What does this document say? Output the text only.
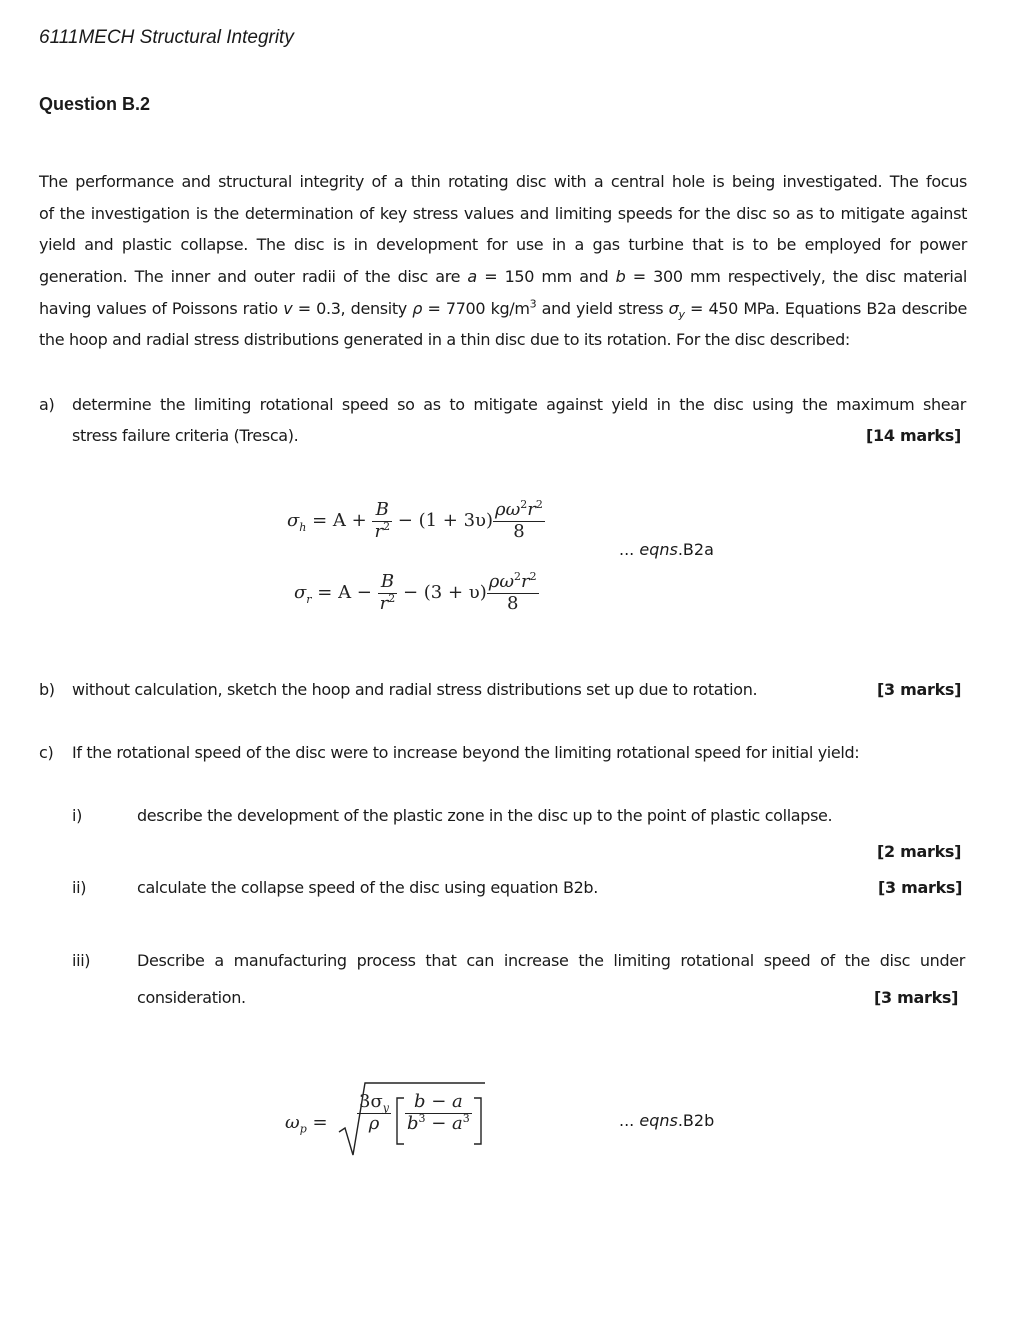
6111MECH Structural Integrity
Question B.2
The performance and structural integrity of a thin rotating disc with a central hole is being investigated. The focus
of the investigation is the determination of key stress values and limiting speeds for the disc so as to mitigate against
yield and plastic collapse. The disc is in development for use in a gas turbine that is to be employed for power
generation. The inner and outer radii of the disc are a = 150 mm and b = 300 mm respectively, the disc material
having values of Poissons ratio v = 0.3, density ρ = 7700 $kg/m^3$ and yield stress $\sigma_y = 450$ MPa. Equations B2a describe
the hoop and radial stress distributions generated in a thin disc due to its rotation. For the disc described:
a) determine the limiting rotational speed so as to mitigate against yield in the disc using the maximum shear
stress failure criteria (Tresca).	[14 marks]
$\sigma_h = A + \frac{B}{r^2} - (1 + 3\upsilon) \frac{\rho\omega^2r^2}{8}$
... eqns.B2a
$\sigma_r = A - \frac{B}{r^2} - (3 + \upsilon) \frac{\rho\omega^2r^2}{8}$
b) without calculation, sketch the hoop and radial stress distributions set up due to rotation.	[3 marks]
c) If the rotational speed of the disc were to increase beyond the limiting rotational speed for initial yield:
i)	describe the development of the plastic zone in the disc up to the point of plastic collapse.
[2 marks]
ii)	calculate the collapse speed of the disc using equation B2b.	[3 marks]
iii)	Describe a manufacturing process that can increase the limiting rotational speed of the disc under
consideration.	[3 marks]
$\omega_p = \frac{3\sigma_y}{\rho} \frac{b - a}{b^3 - a^3}$	... eqns.B2b
